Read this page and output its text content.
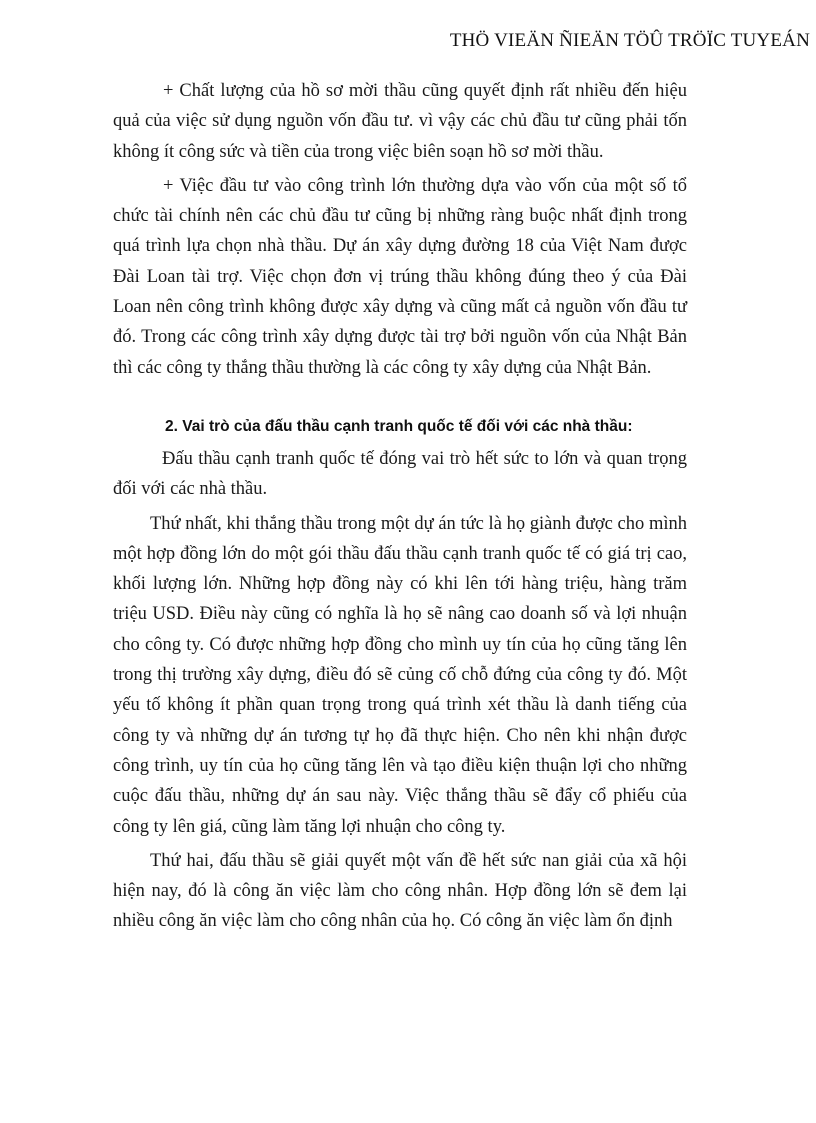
THÖ VIEÄN ÑIEÄN TÖÛ TRÖÏC TUYEÁN

+ Chất lượng của hồ sơ mời thầu cũng quyết định rất nhiều đến hiệu quả của việc sử dụng nguồn vốn đầu tư. vì vậy các chủ đầu tư cũng phải tốn không ít công sức và tiền của trong việc biên soạn hồ sơ mời thầu.

+ Việc đầu tư vào công trình lớn thường dựa vào vốn của một số tổ chức tài chính nên các chủ đầu tư cũng bị những ràng buộc nhất định trong quá trình lựa chọn nhà thầu. Dự án xây dựng đường 18 của Việt Nam được Đài Loan tài trợ. Việc chọn đơn vị trúng thầu không đúng theo ý của Đài Loan nên công trình không được xây dựng và cũng mất cả nguồn vốn đầu tư đó. Trong các công trình xây dựng được tài trợ bởi nguồn vốn của Nhật Bản thì các công ty thắng thầu thường là các công ty xây dựng của Nhật Bản.

2. Vai trò của đấu thầu cạnh tranh quốc tế đối với các nhà thầu:

Đấu thầu cạnh tranh quốc tế đóng vai trò hết sức to lớn và quan trọng đối với các nhà thầu.

Thứ nhất, khi thắng thầu trong một dự án tức là họ giành được cho mình một hợp đồng lớn do một gói thầu đấu thầu cạnh tranh quốc tế có giá trị cao, khối lượng lớn. Những hợp đồng này có khi lên tới hàng triệu, hàng trăm triệu USD. Điều này cũng có nghĩa là họ sẽ nâng cao doanh số và lợi nhuận cho công ty. Có được những hợp đồng cho mình uy tín của họ cũng tăng lên trong thị trường xây dựng, điều đó sẽ củng cố chỗ đứng của công ty đó. Một yếu tố không ít phần quan trọng trong quá trình xét thầu là danh tiếng của công ty và những dự án tương tự họ đã thực hiện. Cho nên khi nhận được công trình, uy tín của họ cũng tăng lên và tạo điều kiện thuận lợi cho những cuộc đấu thầu, những dự án sau này. Việc thắng thầu sẽ đẩy cổ phiếu của công ty lên giá, cũng làm tăng lợi nhuận cho công ty.

Thứ hai, đấu thầu sẽ giải quyết một vấn đề hết sức nan giải của xã hội hiện nay, đó là công ăn việc làm cho công nhân. Hợp đồng lớn sẽ đem lại nhiều công ăn việc làm cho công nhân của họ. Có công ăn việc làm ổn định
